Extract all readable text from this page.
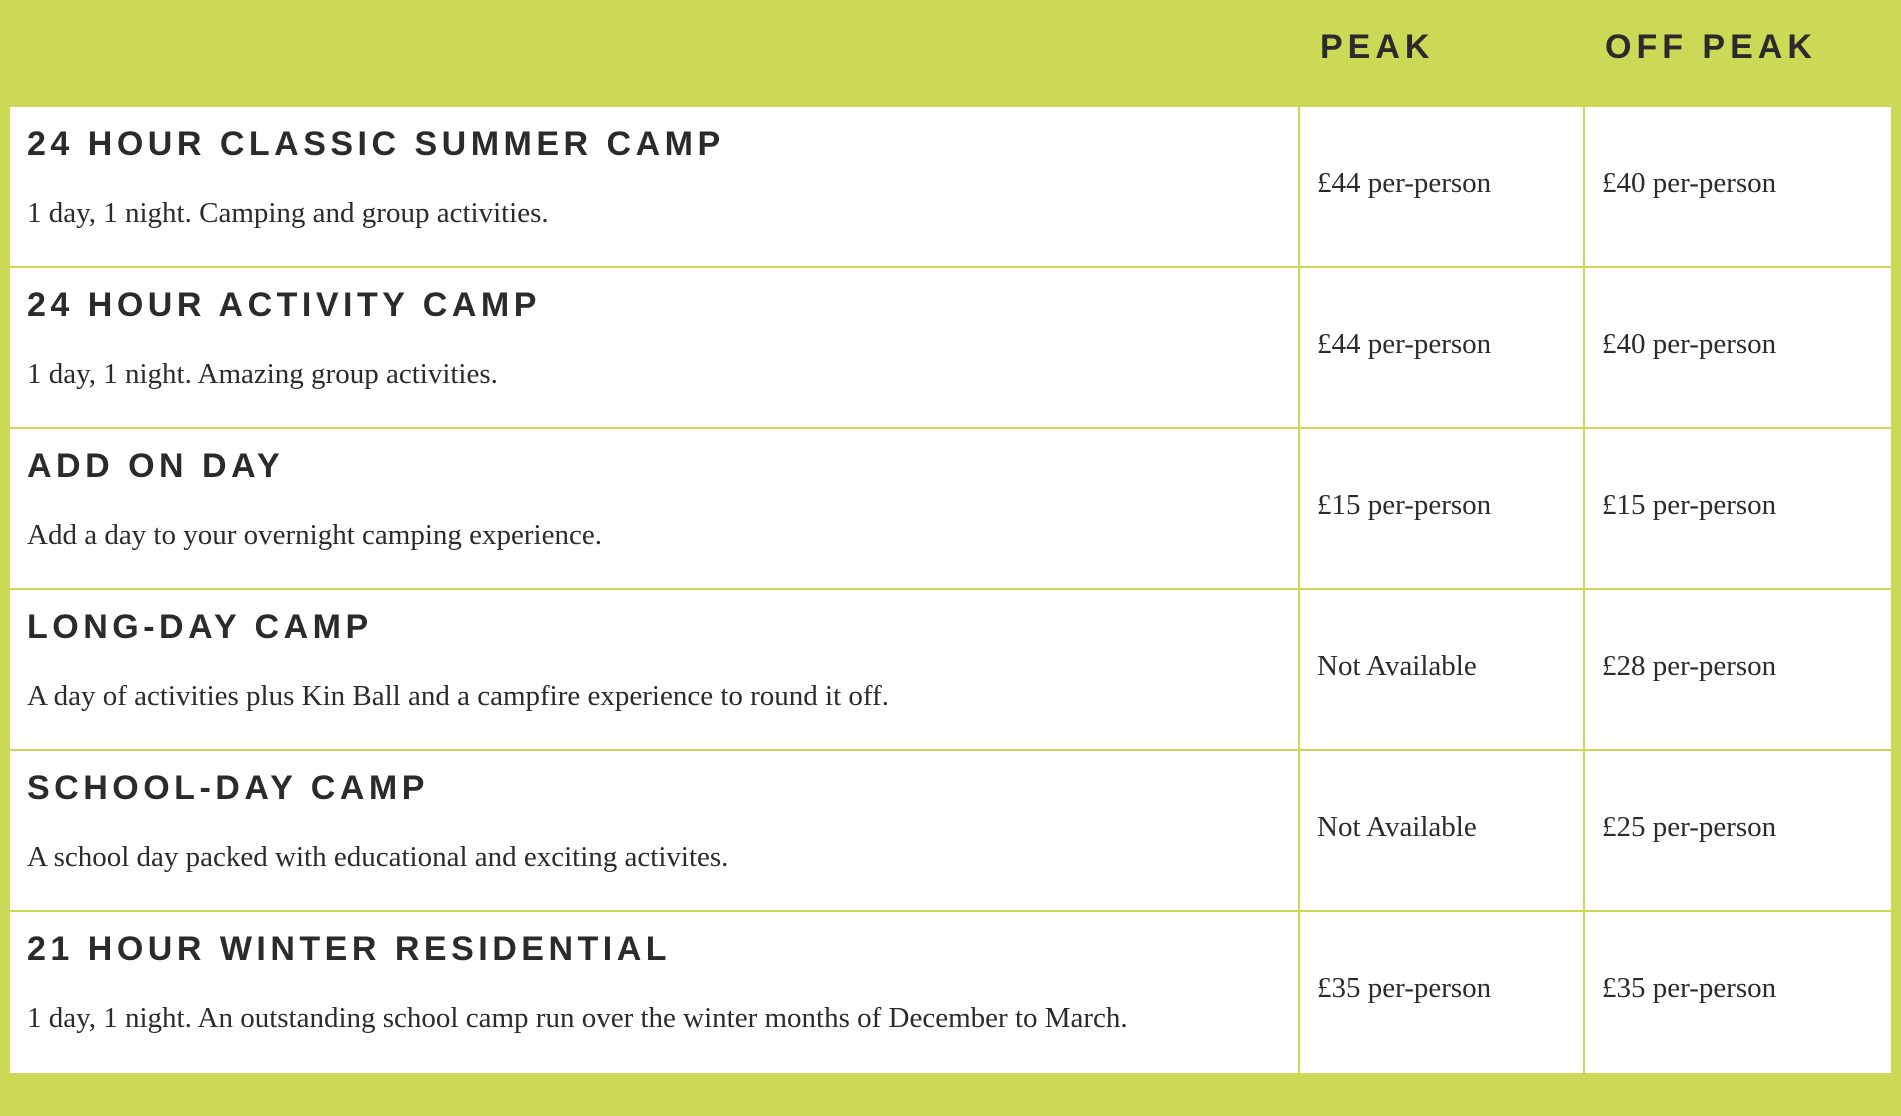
PEAK	OFF PEAK
24 HOUR CLASSIC SUMMER CAMP
1 day, 1 night. Camping and group activities.
£44 per-person	£40 per-person
24 HOUR ACTIVITY CAMP
1 day, 1 night. Amazing group activities.
£44 per-person	£40 per-person
ADD ON DAY
Add a day to your overnight camping experience.
£15 per-person	£15 per-person
LONG-DAY CAMP
A day of activities plus Kin Ball and a campfire experience to round it off.
Not Available	£28 per-person
SCHOOL-DAY CAMP
A school day packed with educational and exciting activites.
Not Available	£25 per-person
21 HOUR WINTER RESIDENTIAL
1 day, 1 night. An outstanding school camp run over the winter months of December to March.
£35 per-person	£35 per-person
